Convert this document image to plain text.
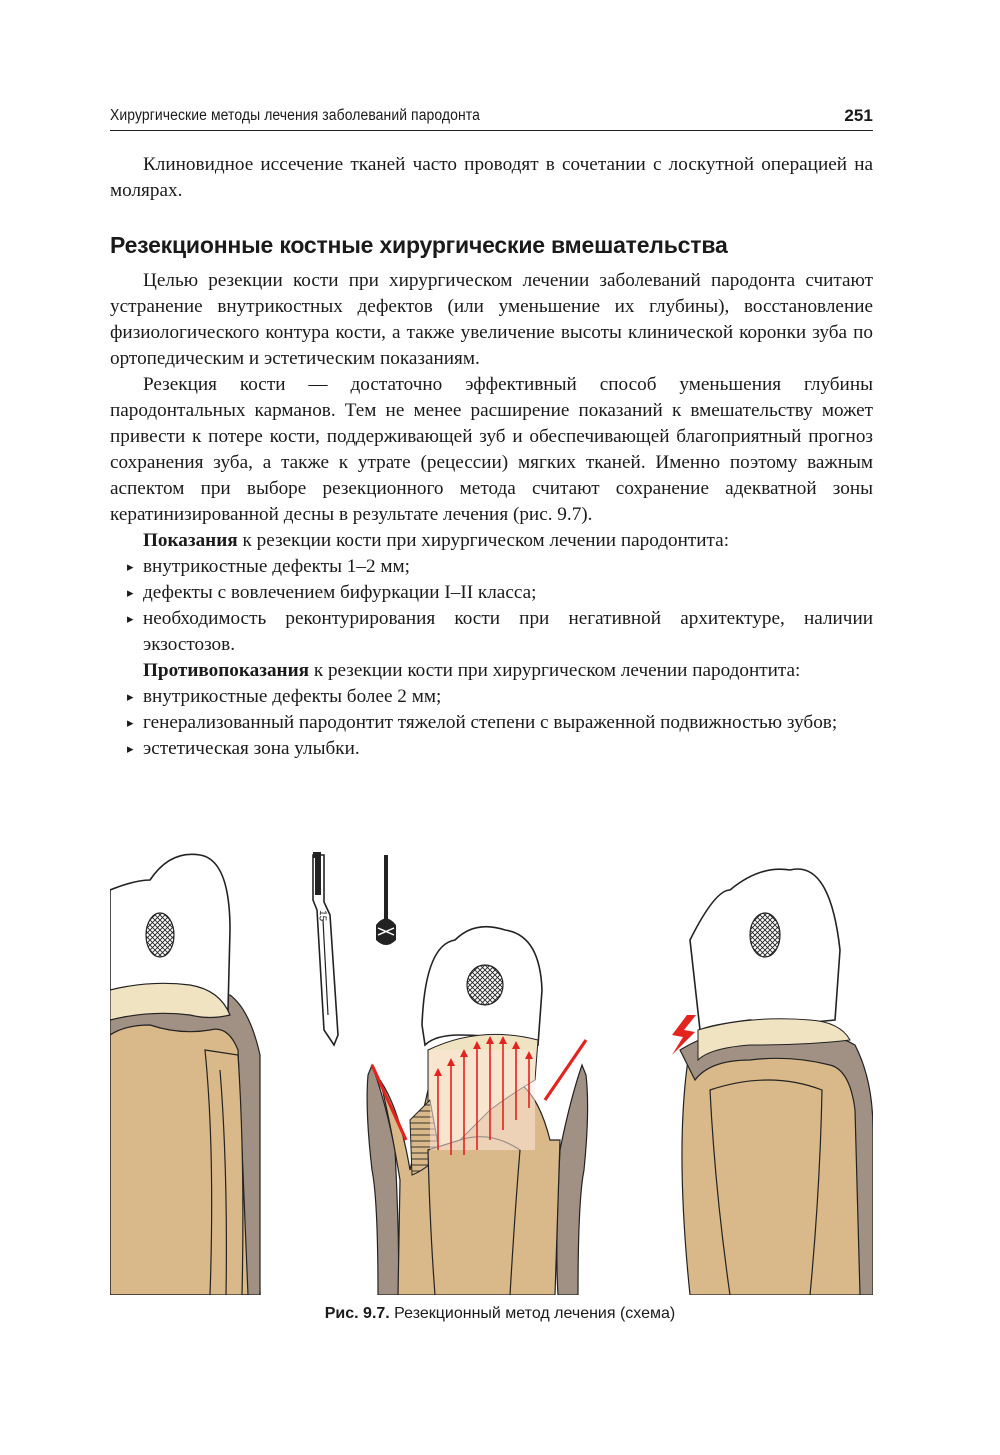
Хирургические методы лечения заболеваний пародонта	251

Клиновидное иссечение тканей часто проводят в сочетании с лоскутной операцией на молярах.

Резекционные костные хирургические вмешательства

Целью резекции кости при хирургическом лечении заболеваний пародонта считают устранение внутрикостных дефектов (или уменьшение их глубины), восстановление физиологического контура кости, а также увеличение высоты клинической коронки зуба по ортопедическим и эстетическим показаниям.

Резекция кости — достаточно эффективный способ уменьшения глубины пародонтальных карманов. Тем не менее расширение показаний к вмешательству может привести к потере кости, поддерживающей зуб и обеспечивающей благоприятный прогноз сохранения зуба, а также к утрате (рецессии) мягких тканей. Именно поэтому важным аспектом при выборе резекционного метода считают сохранение адекватной зоны кератинизированной десны в результате лечения (рис. 9.7).

Показания к резекции кости при хирургическом лечении пародонтита:

▸ внутрикостные дефекты 1–2 мм;
▸ дефекты с вовлечением бифуркации I–II класса;
▸ необходимость реконтурирования кости при негативной архитектуре, наличии экзостозов.

Противопоказания к резекции кости при хирургическом лечении пародонтита:

▸ внутрикостные дефекты более 2 мм;
▸ генерализованный пародонтит тяжелой степени с выраженной подвижностью зубов;
▸ эстетическая зона улыбки.
15
Рис. 9.7. Резекционный метод лечения (схема)
